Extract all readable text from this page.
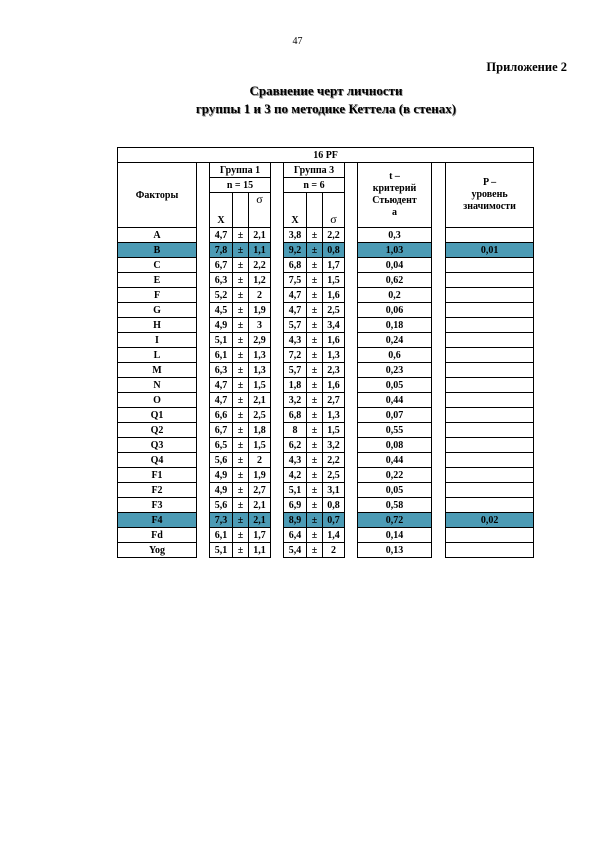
47
Приложение 2
Сравнение черт личности
группы 1 и 3 по методике Кеттела (в стенах)
16 PF												
Факторы		Группа 1				Группа 3				t –
критерий
Стьюдент
а		P –
уровень
значимости
		n = 15				n = 6						
		X		σ		X		σ				

A		4,7	±	2,1		3,8	±	2,2		0,3		
B		7,8	±	1,1		9,2	±	0,8		1,03		0,01
C		6,7	±	2,2		6,8	±	1,7		0,04		
E		6,3	±	1,2		7,5	±	1,5		0,62		
F		5,2	±	2		4,7	±	1,6		0,2		
G		4,5	±	1,9		4,7	±	2,5		0,06		
H		4,9	±	3		5,7	±	3,4		0,18		
I		5,1	±	2,9		4,3	±	1,6		0,24		
L		6,1	±	1,3		7,2	±	1,3		0,6		
M		6,3	±	1,3		5,7	±	2,3		0,23		
N		4,7	±	1,5		1,8	±	1,6		0,05		
O		4,7	±	2,1		3,2	±	2,7		0,44		
Q1		6,6	±	2,5		6,8	±	1,3		0,07		
Q2		6,7	±	1,8		8	±	1,5		0,55		
Q3		6,5	±	1,5		6,2	±	3,2		0,08		
Q4		5,6	±	2		4,3	±	2,2		0,44		
F1		4,9	±	1,9		4,2	±	2,5		0,22		
F2		4,9	±	2,7		5,1	±	3,1		0,05		
F3		5,6	±	2,1		6,9	±	0,8		0,58		
F4		7,3	±	2,1		8,9	±	0,7		0,72		0,02
Fd		6,1	±	1,7		6,4	±	1,4		0,14		
Yog		5,1	±	1,1		5,4	±	2		0,13		
